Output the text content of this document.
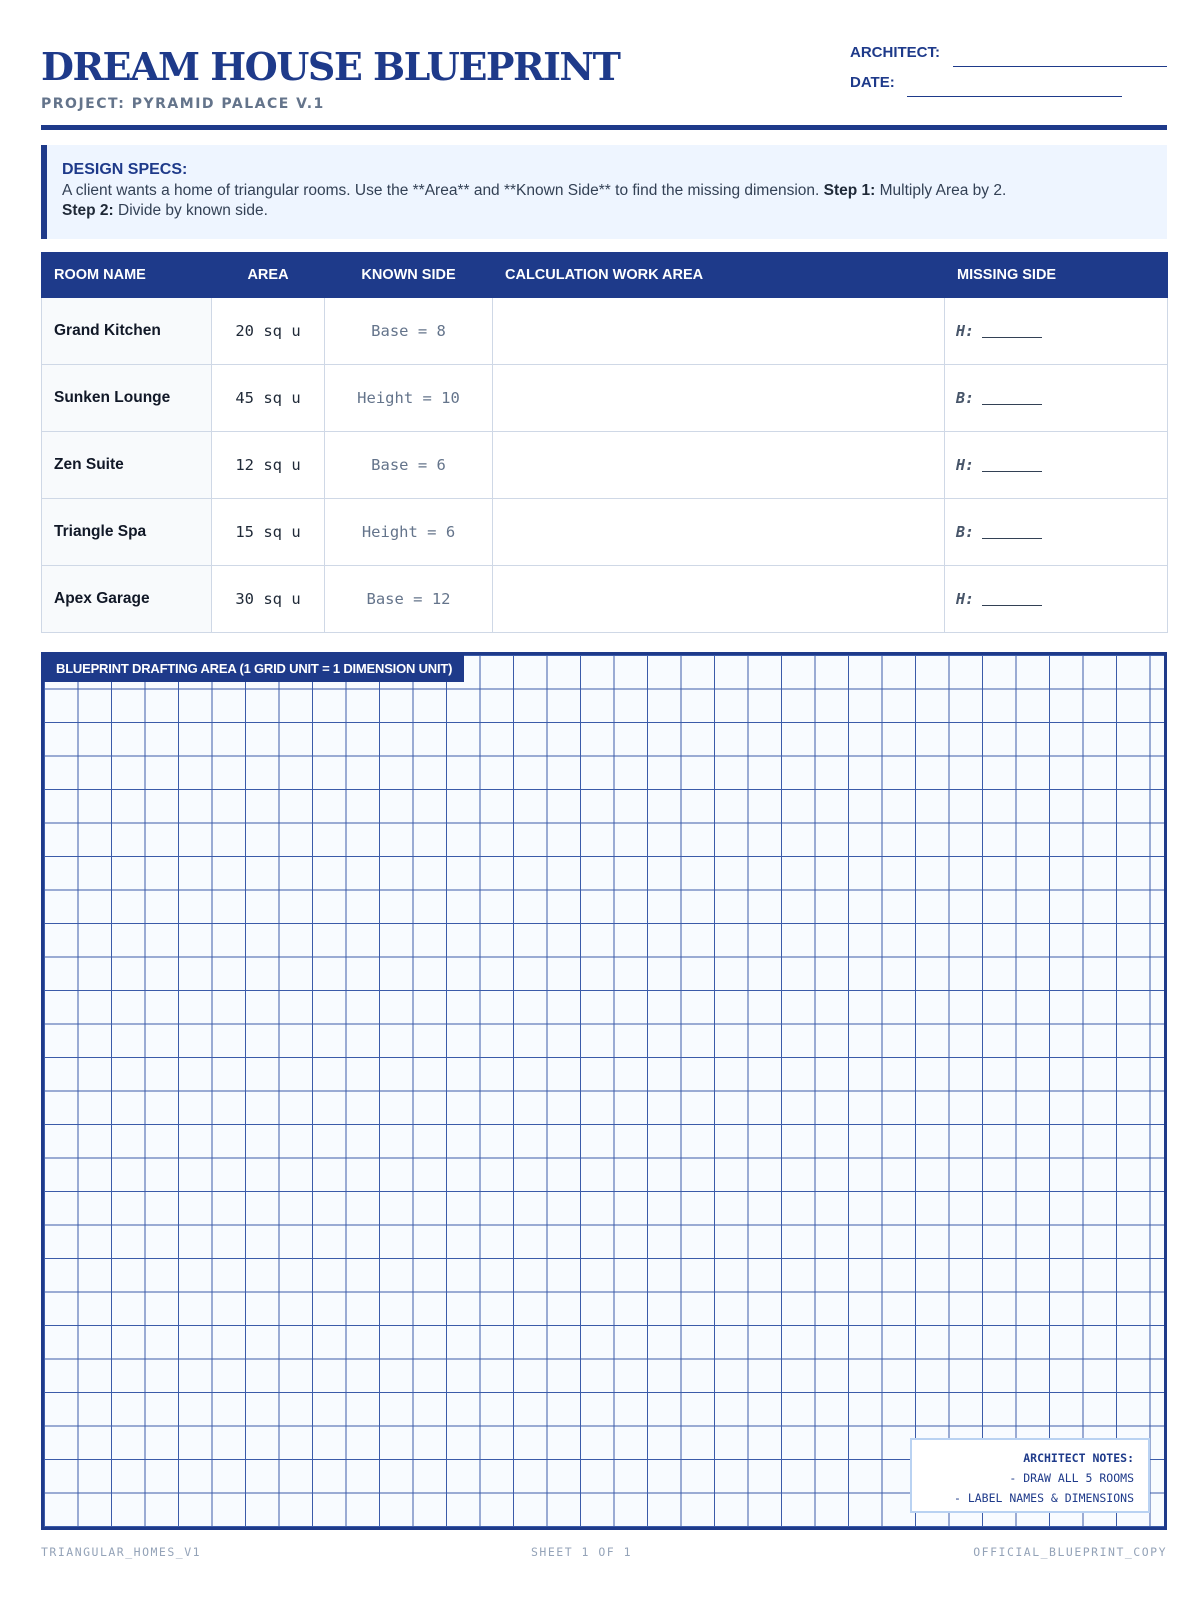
DREAM HOUSE BLUEPRINT
PROJECT: PYRAMID PALACE V.1
ARCHITECT:
DATE:
DESIGN SPECS:
A client wants a home of triangular rooms. Use the **Area** and **Known Side** to find the missing dimension. Step 1: Multiply Area by 2.
Step 2: Divide by known side.
ROOM NAME	AREA	KNOWN SIDE	CALCULATION WORK AREA	MISSING SIDE
Grand Kitchen	20 sq u	Base = 8		H:
Sunken Lounge	45 sq u	Height = 10		B:
Zen Suite	12 sq u	Base = 6		H:
Triangle Spa	15 sq u	Height = 6		B:
Apex Garage	30 sq u	Base = 12		H:
BLUEPRINT DRAFTING AREA (1 GRID UNIT = 1 DIMENSION UNIT)
ARCHITECT NOTES:
- DRAW ALL 5 ROOMS
- LABEL NAMES & DIMENSIONS
TRIANGULAR_HOMES_V1	SHEET 1 OF 1	OFFICIAL_BLUEPRINT_COPY
